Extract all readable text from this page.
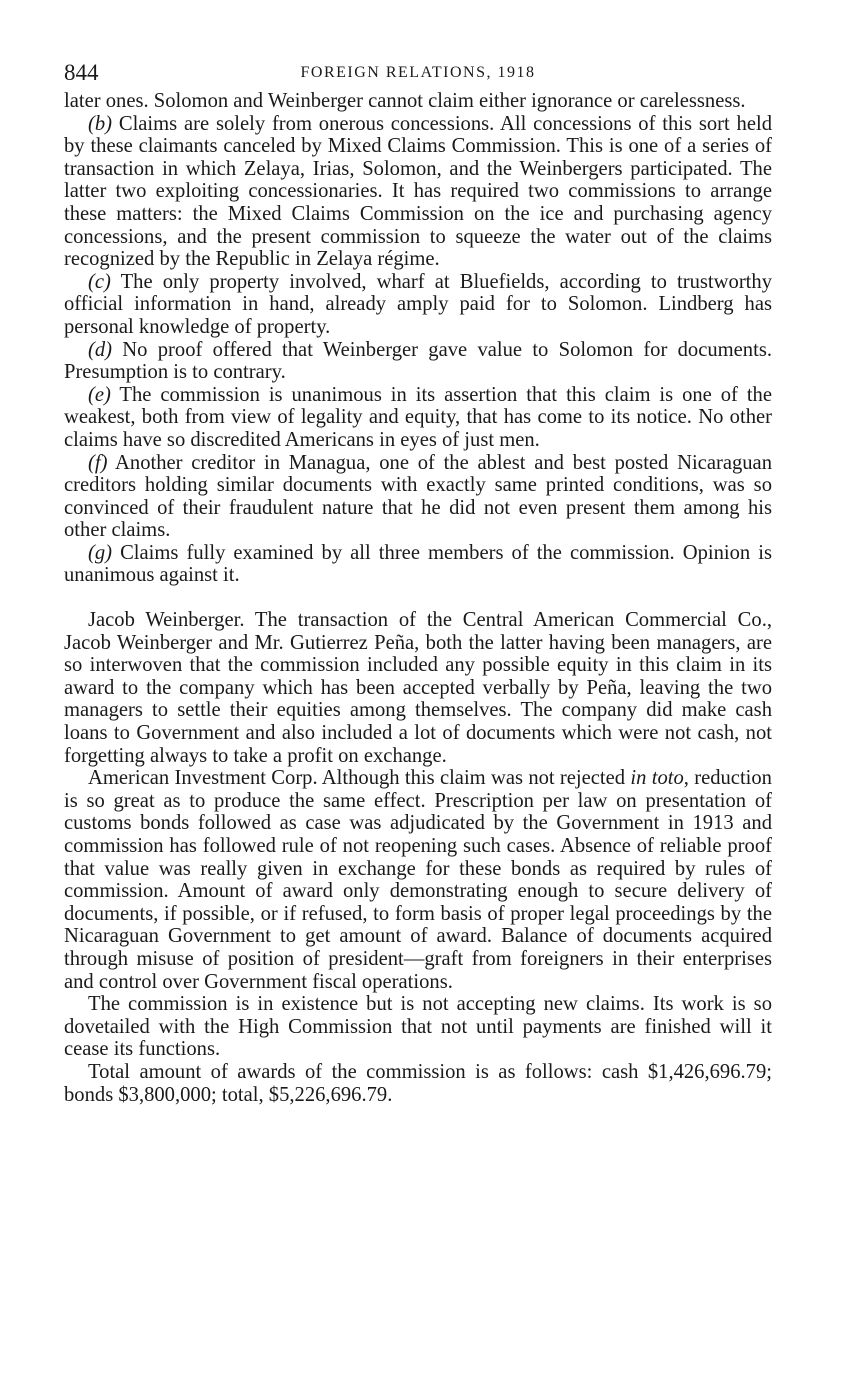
844	FOREIGN RELATIONS, 1918

later ones. Solomon and Weinberger cannot claim either ignorance or carelessness.

(b) Claims are solely from onerous concessions. All concessions of this sort held by these claimants canceled by Mixed Claims Commission. This is one of a series of transaction in which Zelaya, Irias, Solomon, and the Weinbergers participated. The latter two exploiting concessionaries. It has required two commissions to arrange these matters: the Mixed Claims Commission on the ice and purchasing agency concessions, and the present commission to squeeze the water out of the claims recognized by the Republic in Zelaya régime.

(c) The only property involved, wharf at Bluefields, according to trustworthy official information in hand, already amply paid for to Solomon. Lindberg has personal knowledge of property.

(d) No proof offered that Weinberger gave value to Solomon for documents. Presumption is to contrary.

(e) The commission is unanimous in its assertion that this claim is one of the weakest, both from view of legality and equity, that has come to its notice. No other claims have so discredited Americans in eyes of just men.

(f) Another creditor in Managua, one of the ablest and best posted Nicaraguan creditors holding similar documents with exactly same printed conditions, was so convinced of their fraudulent nature that he did not even present them among his other claims.

(g) Claims fully examined by all three members of the commission. Opinion is unanimous against it.

Jacob Weinberger. The transaction of the Central American Commercial Co., Jacob Weinberger and Mr. Gutierrez Peña, both the latter having been managers, are so interwoven that the commission included any possible equity in this claim in its award to the company which has been accepted verbally by Peña, leaving the two managers to settle their equities among themselves. The company did make cash loans to Government and also included a lot of documents which were not cash, not forgetting always to take a profit on exchange.

American Investment Corp. Although this claim was not rejected in toto, reduction is so great as to produce the same effect. Prescription per law on presentation of customs bonds followed as case was adjudicated by the Government in 1913 and commission has followed rule of not reopening such cases. Absence of reliable proof that value was really given in exchange for these bonds as required by rules of commission. Amount of award only demonstrating enough to secure delivery of documents, if possible, or if refused, to form basis of proper legal proceedings by the Nicaraguan Government to get amount of award. Balance of documents acquired through misuse of position of president—graft from foreigners in their enterprises and control over Government fiscal operations.

The commission is in existence but is not accepting new claims. Its work is so dovetailed with the High Commission that not until payments are finished will it cease its functions.

Total amount of awards of the commission is as follows: cash $1,426,696.79; bonds $3,800,000; total, $5,226,696.79.
